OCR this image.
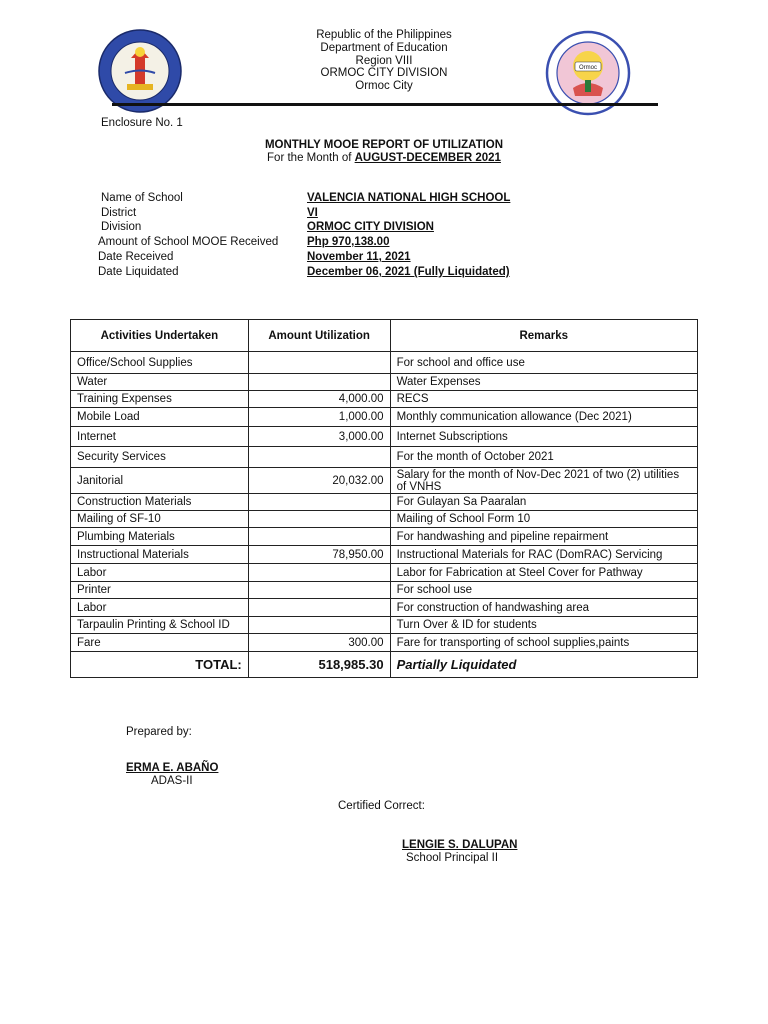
Ormoc
Republic of the Philippines
Department of Education
Region VIII
ORMOC CITY DIVISION
Ormoc City
Enclosure No. 1
MONTHLY MOOE REPORT OF UTILIZATION
For the Month of AUGUST-DECEMBER 2021
Name of School	VALENCIA NATIONAL HIGH SCHOOL
District	VI
Division	ORMOC CITY DIVISION
Amount of School MOOE Received	Php 970,138.00
Date Received	November 11, 2021
Date Liquidated	December 06, 2021 (Fully Liquidated)
Activities Undertaken	Amount Utilization	Remarks
Office/School Supplies		For school and office use
Water		Water Expenses
Training Expenses	4,000.00	RECS
Mobile Load	1,000.00	Monthly communication allowance (Dec 2021)
Internet	3,000.00	Internet Subscriptions
Security Services		For the month of October 2021
Janitorial	20,032.00	Salary for the month of Nov-Dec 2021 of two (2) utilities of VNHS
Construction Materials		For Gulayan Sa Paaralan
Mailing of SF-10		Mailing of School Form 10
Plumbing Materials		For handwashing and pipeline repairment
Instructional Materials	78,950.00	Instructional Materials for RAC (DomRAC) Servicing
Labor		Labor for Fabrication at Steel Cover for Pathway
Printer		For school use
Labor		For construction of handwashing area
Tarpaulin Printing & School ID		Turn Over & ID for students
Fare	300.00	Fare for transporting of school supplies,paints
TOTAL:	518,985.30	Partially Liquidated
Prepared by:
ERMA E. ABAÑO
ADAS-II
Certified Correct:
LENGIE S. DALUPAN
School Principal II
